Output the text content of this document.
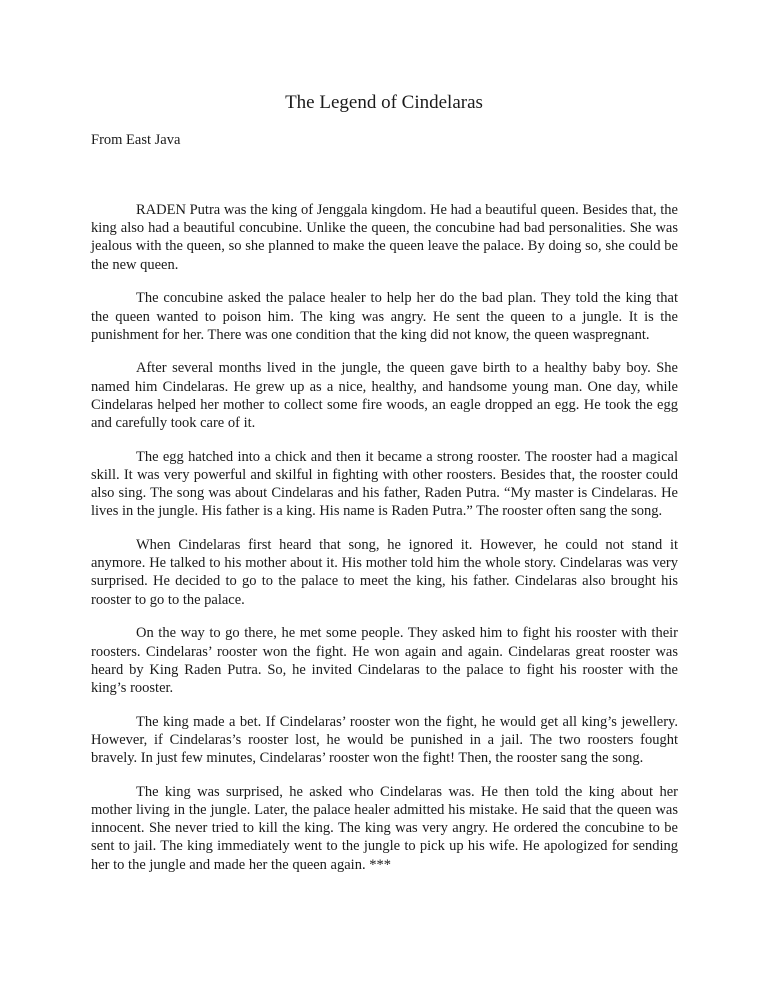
The Legend of Cindelaras

From East Java

RADEN Putra was the king of Jenggala kingdom. He had a beautiful queen. Besides that, the king also had a beautiful concubine. Unlike the queen, the concubine had bad personalities. She was jealous with the queen, so she planned to make the queen leave the palace. By doing so, she could be the new queen.

The concubine asked the palace healer to help her do the bad plan. They told the king that the queen wanted to poison him. The king was angry. He sent the queen to a jungle. It is the punishment for her. There was one condition that the king did not know, the queen waspregnant.

After several months lived in the jungle, the queen gave birth to a healthy baby boy. She named him Cindelaras. He grew up as a nice, healthy, and handsome young man. One day, while Cindelaras helped her mother to collect some fire woods, an eagle dropped an egg. He took the egg and carefully took care of it.

The egg hatched into a chick and then it became a strong rooster. The rooster had a magical skill. It was very powerful and skilful in fighting with other roosters. Besides that, the rooster could also sing. The song was about Cindelaras and his father, Raden Putra. “My master is Cindelaras. He lives in the jungle. His father is a king. His name is Raden Putra.” The rooster often sang the song.

When Cindelaras first heard that song, he ignored it. However, he could not stand it anymore. He talked to his mother about it. His mother told him the whole story. Cindelaras was very surprised. He decided to go to the palace to meet the king, his father. Cindelaras also brought his rooster to go to the palace.

On the way to go there, he met some people. They asked him to fight his rooster with their roosters. Cindelaras’ rooster won the fight. He won again and again. Cindelaras great rooster was heard by King Raden Putra. So, he invited Cindelaras to the palace to fight his rooster with the king’s rooster.

The king made a bet. If Cindelaras’ rooster won the fight, he would get all king’s jewellery. However, if Cindelaras’s rooster lost, he would be punished in a jail. The two roosters fought bravely. In just few minutes, Cindelaras’ rooster won the fight! Then, the rooster sang the song.

The king was surprised, he asked who Cindelaras was. He then told the king about her mother living in the jungle. Later, the palace healer admitted his mistake. He said that the queen was innocent. She never tried to kill the king. The king was very angry. He ordered the concubine to be sent to jail. The king immediately went to the jungle to pick up his wife. He apologized for sending her to the jungle and made her the queen again. ***
